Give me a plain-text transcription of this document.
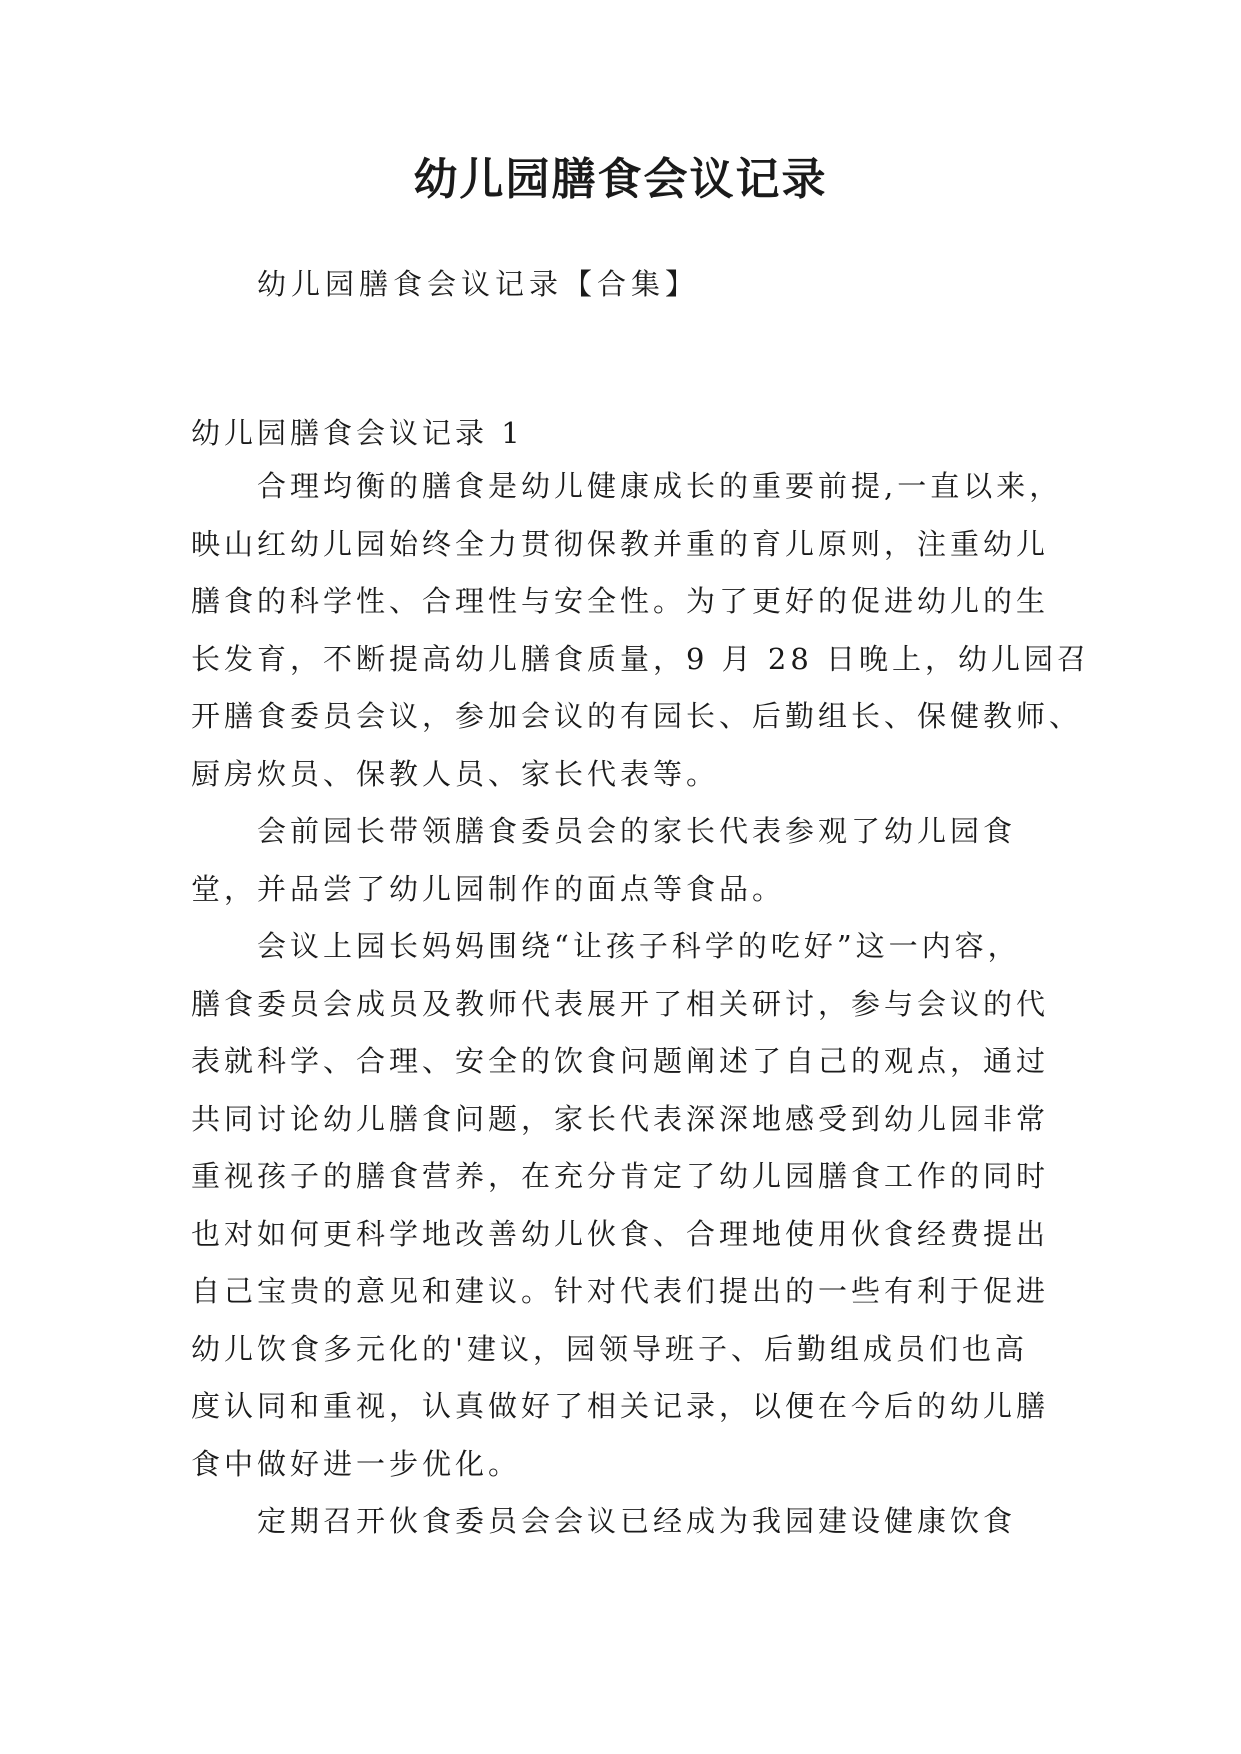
幼儿园膳食会议记录
幼儿园膳食会议记录【合集】
幼儿园膳食会议记录 1
合理均衡的膳食是幼儿健康成长的重要前提,一直以来，
映山红幼儿园始终全力贯彻保教并重的育儿原则，注重幼儿
膳食的科学性、合理性与安全性。为了更好的促进幼儿的生
长发育，不断提高幼儿膳食质量，9 月 28 日晚上，幼儿园召
开膳食委员会议，参加会议的有园长、后勤组长、保健教师、
厨房炊员、保教人员、家长代表等。
会前园长带领膳食委员会的家长代表参观了幼儿园食
堂，并品尝了幼儿园制作的面点等食品。
会议上园长妈妈围绕“让孩子科学的吃好”这一内容，
膳食委员会成员及教师代表展开了相关研讨，参与会议的代
表就科学、合理、安全的饮食问题阐述了自己的观点，通过
共同讨论幼儿膳食问题，家长代表深深地感受到幼儿园非常
重视孩子的膳食营养，在充分肯定了幼儿园膳食工作的同时
也对如何更科学地改善幼儿伙食、合理地使用伙食经费提出
自己宝贵的意见和建议。针对代表们提出的一些有利于促进
幼儿饮食多元化的'建议，园领导班子、后勤组成员们也高
度认同和重视，认真做好了相关记录，以便在今后的幼儿膳
食中做好进一步优化。
定期召开伙食委员会会议已经成为我园建设健康饮食
